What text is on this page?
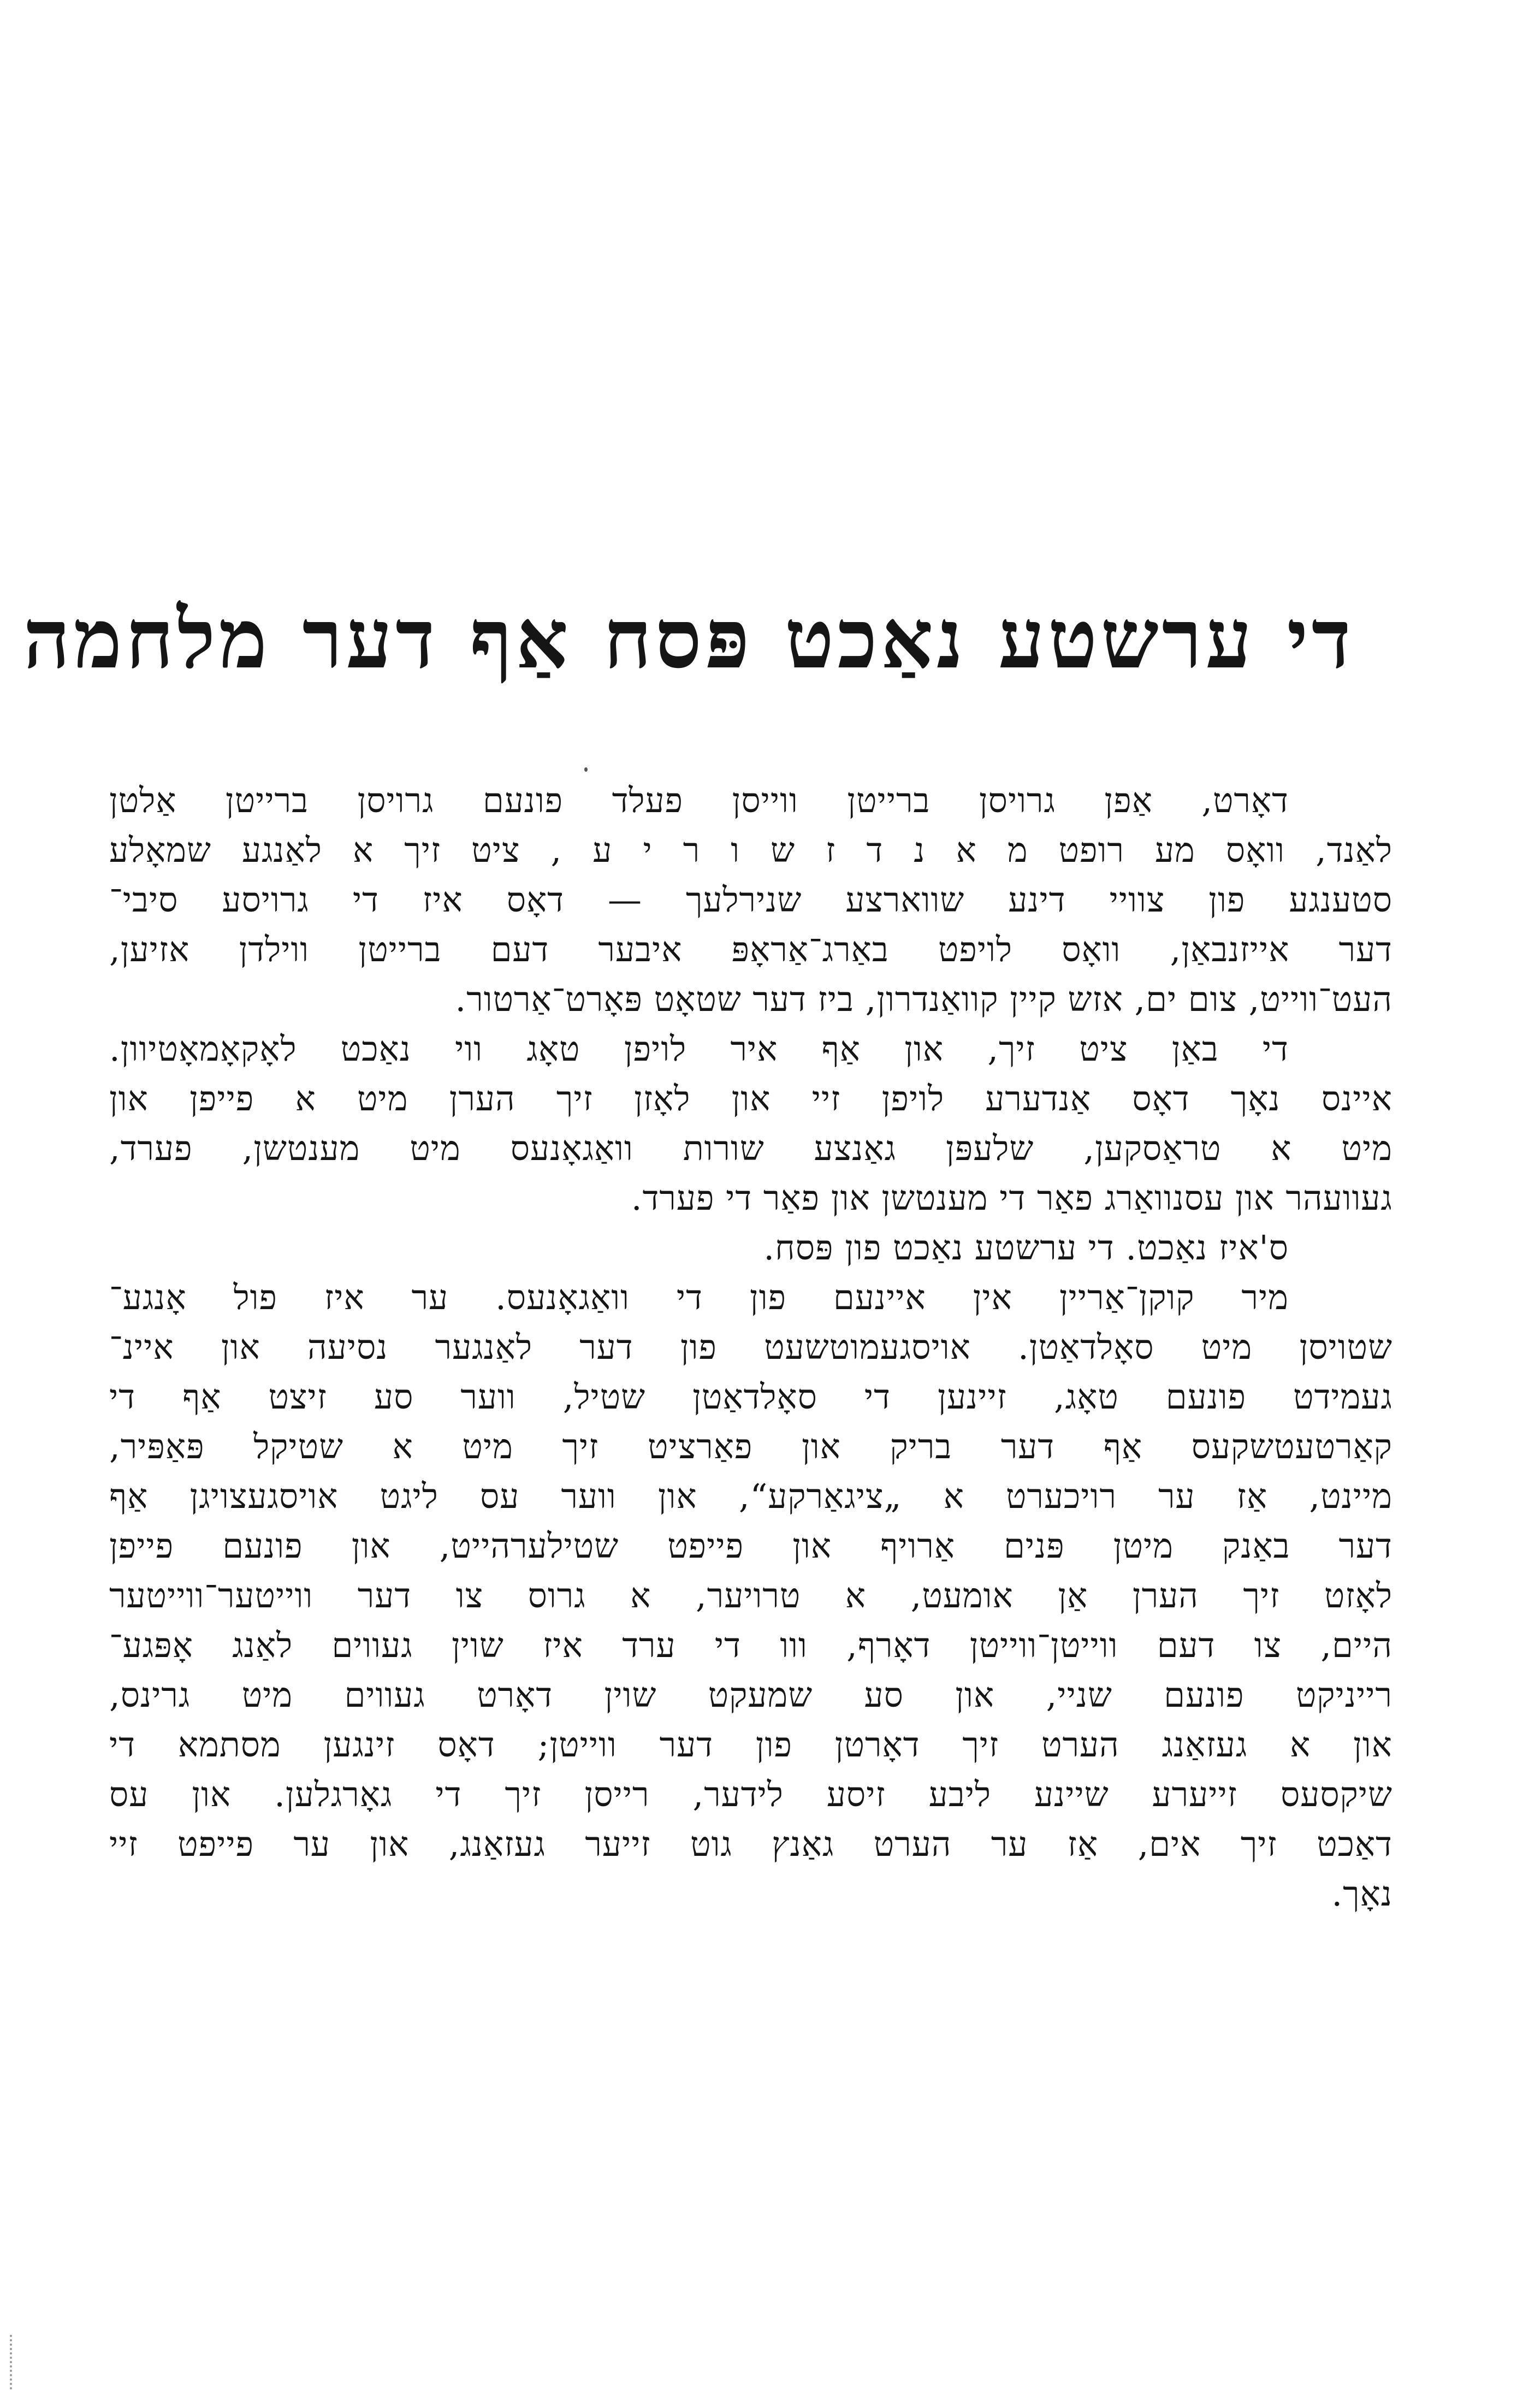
די ערשטע נאַכט פּסח אַף דער מלחמה
דאָרט, אַפן גרויסן ברייטן ווייסן פעלד פונעם גרויסן ברייטן אַלטן
לאַנד, וואָס מע רופט מ א נ ד ז ש ו ר י ע , ציט זיך א לאַנגע שמאָלע
סטענגע פון צוויי דינע שווארצע שנירלעך — דאָס איז די גרויסע סיבי־
דער אייזנבאַן, וואָס לויפט באַרג־אַראָפּ איבער דעם ברייטן ווילדן אזיען,
העט־ווייט, צום ים, אזש קיין קוואַנדרון, ביז דער שטאָט פּאָרט־אַרטור.
די באַן ציט זיך, און אַף איר לויפן טאָג ווי נאַכט לאָקאָמאָטיוון.
איינס נאָך דאָס אַנדערע לויפן זיי און לאָזן זיך הערן מיט א פייפן און
מיט א טראַסקען, שלעפּן גאַנצע שורות וואַגאָנעס מיט מענטשן, פערד,
געוועהר און עסנוואַרג פאַר די מענטשן און פאַר די פערד.
ס'איז נאַכט. די ערשטע נאַכט פון פּסח.
מיר קוקן־אַריין אין איינעם פון די וואַגאָנעס. ער איז פול אָנגע־
שטויסן מיט סאָלדאַטן. אויסגעמוטשעט פון דער לאַנגער נסיעה און איינ־
געמידט פונעם טאָג, זיינען די סאָלדאַטן שטיל, ווער סע זיצט אַף די
קאַרטעטשקעס אַף דער בריק און פאַרציט זיך מיט א שטיקל פּאַפּיר,
מיינט, אַז ער רויכערט א „ציגאַרקע“, און ווער עס ליגט אויסגעצויגן אַף
דער באַנק מיטן פּנים אַרויף און פייפט שטילערהייט, און פונעם פייפן
לאָזט זיך הערן אַן אומעט, א טרויער, א גרוס צו דער ווייטער־ווייטער
היים, צו דעם ווייטן־ווייטן דאָרף, ווו די ערד איז שוין געווים לאַנג אָפּגע־
רייניקט פונעם שניי, און סע שמעקט שוין דאָרט געווים מיט גרינס,
און א געזאַנג הערט זיך דאָרטן פון דער ווייטן; דאָס זינגען מסתמא די
שיקסעס זייערע שיינע ליבע זיסע לידער, רייסן זיך די גאָרגלען. און עס
דאַכט זיך אים, אַז ער הערט גאַנץ גוט זייער געזאַנג, און ער פייפט זיי
נאָך.
